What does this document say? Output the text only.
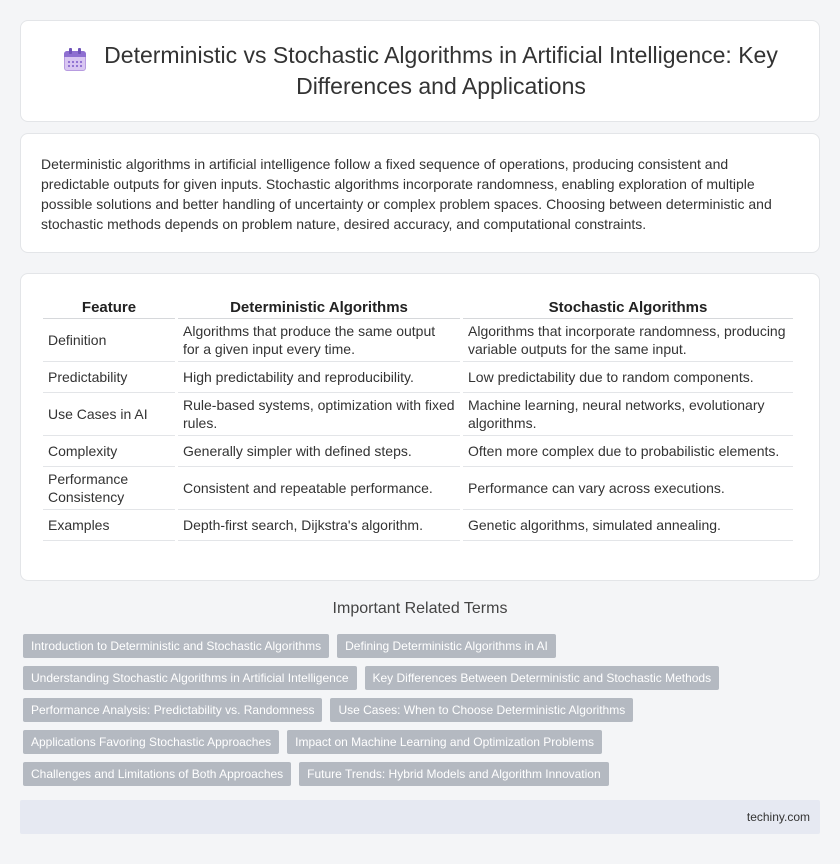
Deterministic vs Stochastic Algorithms in Artificial Intelligence: Key Differences and Applications

Deterministic algorithms in artificial intelligence follow a fixed sequence of operations, producing consistent and predictable outputs for given inputs. Stochastic algorithms incorporate randomness, enabling exploration of multiple possible solutions and better handling of uncertainty or complex problem spaces. Choosing between deterministic and stochastic methods depends on problem nature, desired accuracy, and computational constraints.

Feature	Deterministic Algorithms	Stochastic Algorithms
Definition	Algorithms that produce the same output for a given input every time.	Algorithms that incorporate randomness, producing variable outputs for the same input.
Predictability	High predictability and reproducibility.	Low predictability due to random components.
Use Cases in AI	Rule-based systems, optimization with fixed rules.	Machine learning, neural networks, evolutionary algorithms.
Complexity	Generally simpler with defined steps.	Often more complex due to probabilistic elements.
Performance Consistency	Consistent and repeatable performance.	Performance can vary across executions.
Examples	Depth-first search, Dijkstra's algorithm.	Genetic algorithms, simulated annealing.
Important Related Terms
Introduction to Deterministic and Stochastic Algorithms	Defining Deterministic Algorithms in AI
Understanding Stochastic Algorithms in Artificial Intelligence	Key Differences Between Deterministic and Stochastic Methods
Performance Analysis: Predictability vs. Randomness	Use Cases: When to Choose Deterministic Algorithms
Applications Favoring Stochastic Approaches	Impact on Machine Learning and Optimization Problems
Challenges and Limitations of Both Approaches	Future Trends: Hybrid Models and Algorithm Innovation
techiny.com
